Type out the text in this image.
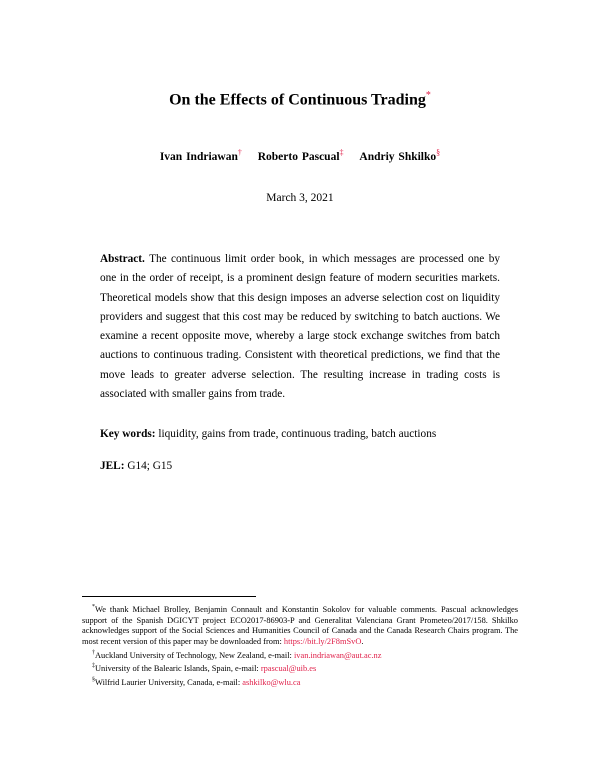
On the Effects of Continuous Trading*
Ivan Indriawan† Roberto Pascual‡ Andriy Shkilko§
March 3, 2021

Abstract. The continuous limit order book, in which messages are processed one by one in the order of receipt, is a prominent design feature of modern securities markets. Theoretical models show that this design imposes an adverse selection cost on liquidity providers and suggest that this cost may be reduced by switching to batch auctions. We examine a recent opposite move, whereby a large stock exchange switches from batch auctions to continuous trading. Consistent with theoretical predictions, we find that the move leads to greater adverse selection. The resulting increase in trading costs is associated with smaller gains from trade.

Key words: liquidity, gains from trade, continuous trading, batch auctions

JEL: G14; G15

*We thank Michael Brolley, Benjamin Connault and Konstantin Sokolov for valuable comments. Pascual acknowledges support of the Spanish DGICYT project ECO2017-86903-P and Generalitat Valenciana Grant Prometeo/2017/158. Shkilko acknowledges support of the Social Sciences and Humanities Council of Canada and the Canada Research Chairs program. The most recent version of this paper may be downloaded from: https://bit.ly/2F8mSvO.

†Auckland University of Technology, New Zealand, e-mail: ivan.indriawan@aut.ac.nz

‡University of the Balearic Islands, Spain, e-mail: rpascual@uib.es

§Wilfrid Laurier University, Canada, e-mail: ashkilko@wlu.ca
